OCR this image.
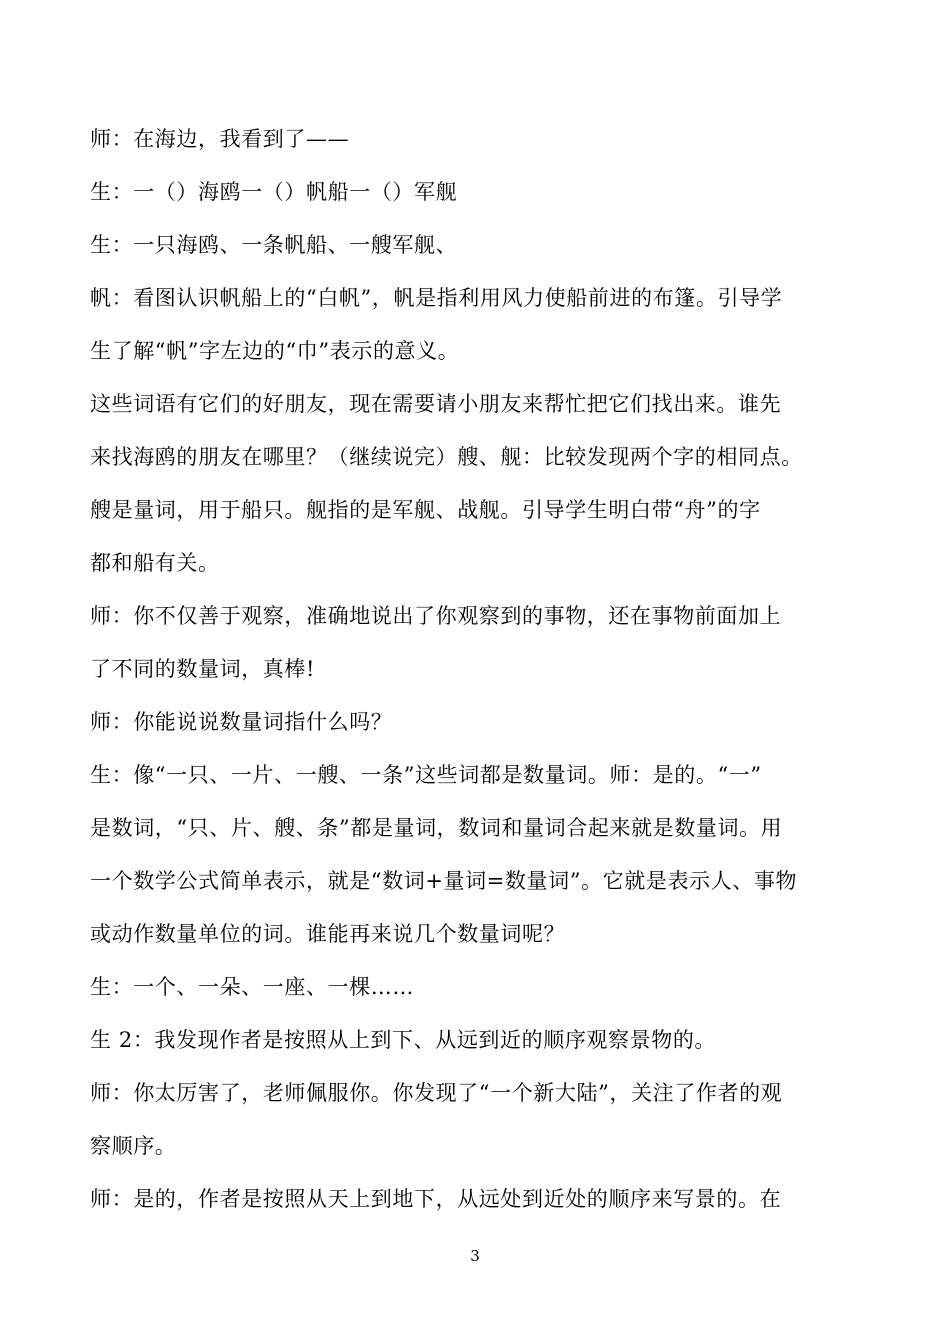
师：在海边，我看到了——
生：一（）海鸥一（）帆船一（）军舰
生：一只海鸥、一条帆船、一艘军舰、
帆：看图认识帆船上的“白帆”，帆是指利用风力使船前进的布篷。引导学
生了解“帆”字左边的“巾”表示的意义。
这些词语有它们的好朋友，现在需要请小朋友来帮忙把它们找出来。谁先
来找海鸥的朋友在哪里？（继续说完）艘、舰：比较发现两个字的相同点。
艘是量词，用于船只。舰指的是军舰、战舰。引导学生明白带“舟”的字
都和船有关。
师：你不仅善于观察，准确地说出了你观察到的事物，还在事物前面加上
了不同的数量词，真棒!
师：你能说说数量词指什么吗？
生：像“一只、一片、一艘、一条”这些词都是数量词。师：是的。“一”
是数词，“只、片、艘、条”都是量词，数词和量词合起来就是数量词。用
一个数学公式简单表示，就是“数词+量词=数量词”。它就是表示人、事物
或动作数量单位的词。谁能再来说几个数量词呢？
生：一个、一朵、一座、一棵……
生 2：我发现作者是按照从上到下、从远到近的顺序观察景物的。
师：你太厉害了，老师佩服你。你发现了“一个新大陆”，关注了作者的观
察顺序。
师：是的，作者是按照从天上到地下，从远处到近处的顺序来写景的。在
3
